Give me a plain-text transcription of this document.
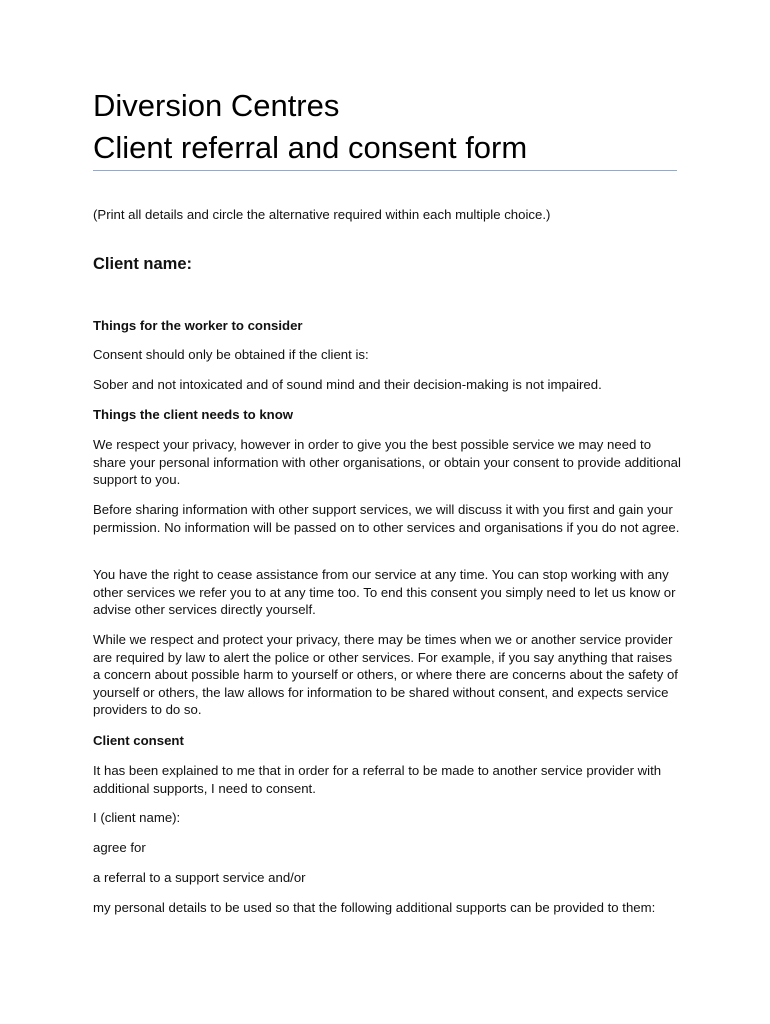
Diversion Centres
Client referral and consent form

(Print all details and circle the alternative required within each multiple choice.)

Client name:

Things for the worker to consider

Consent should only be obtained if the client is:

Sober and not intoxicated and of sound mind and their decision-making is not impaired.

Things the client needs to know

We respect your privacy, however in order to give you the best possible service we may need to share your personal information with other organisations, or obtain your consent to provide additional support to you.

Before sharing information with other support services, we will discuss it with you first and gain your permission. No information will be passed on to other services and organisations if you do not agree.

You have the right to cease assistance from our service at any time. You can stop working with any other services we refer you to at any time too. To end this consent you simply need to let us know or advise other services directly yourself.

While we respect and protect your privacy, there may be times when we or another service provider are required by law to alert the police or other services. For example, if you say anything that raises a concern about possible harm to yourself or others, or where there are concerns about the safety of yourself or others, the law allows for information to be shared without consent, and expects service providers to do so.

Client consent

It has been explained to me that in order for a referral to be made to another service provider with additional supports, I need to consent.

I (client name):

agree for

a referral to a support service and/or

my personal details to be used so that the following additional supports can be provided to them:
